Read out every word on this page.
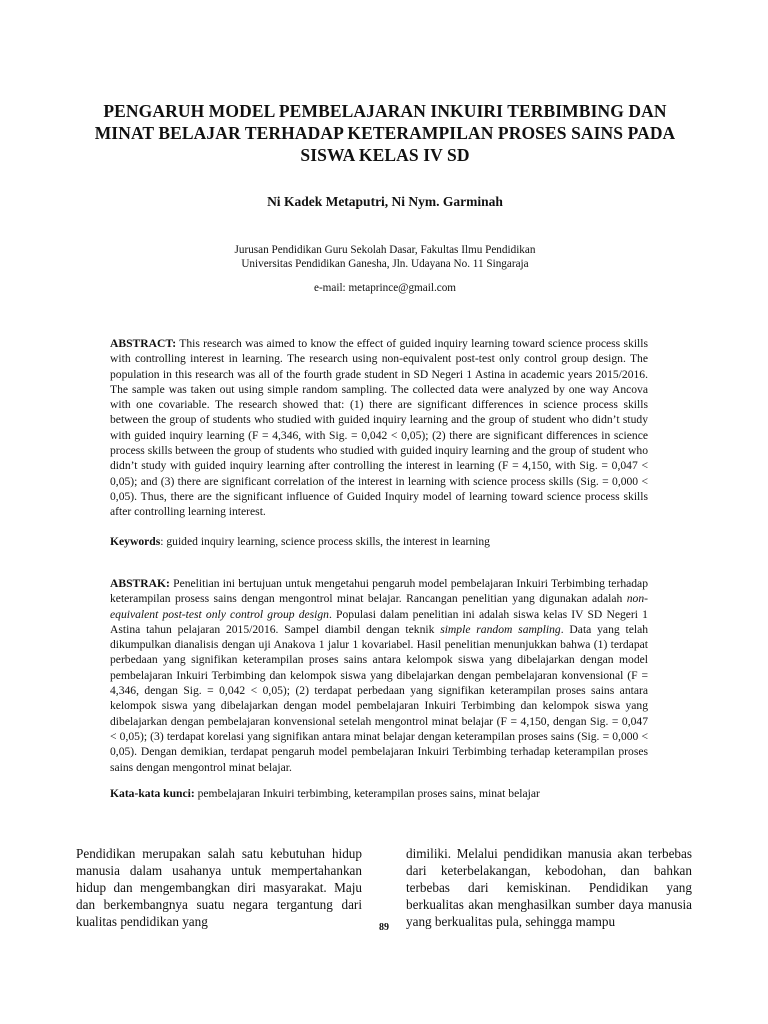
PENGARUH MODEL PEMBELAJARAN INKUIRI TERBIMBING DAN
MINAT BELAJAR TERHADAP KETERAMPILAN PROSES SAINS PADA
SISWA KELAS IV SD
Ni Kadek Metaputri, Ni Nym. Garminah
Jurusan Pendidikan Guru Sekolah Dasar, Fakultas Ilmu Pendidikan
Universitas Pendidikan Ganesha, Jln. Udayana No. 11 Singaraja
e-mail: metaprince@gmail.com
ABSTRACT: This research was aimed to know the effect of guided inquiry learning toward science process skills with controlling interest in learning. The research using non-equivalent post-test only control group design. The population in this research was all of the fourth grade student in SD Negeri 1 Astina in academic years 2015/2016. The sample was taken out using simple random sampling. The collected data were analyzed by one way Ancova with one covariable. The research showed that: (1) there are significant differences in science process skills between the group of students who studied with guided inquiry learning and the group of student who didn’t study with guided inquiry learning (F = 4,346, with Sig. = 0,042 < 0,05); (2) there are significant differences in science process skills between the group of students who studied with guided inquiry learning and the group of student who didn’t study with guided inquiry learning after controlling the interest in learning (F = 4,150, with Sig. = 0,047 < 0,05); and (3) there are significant correlation of the interest in learning with science process skills (Sig. = 0,000 < 0,05). Thus, there are the significant influence of Guided Inquiry model of learning toward science process skills after controlling learning interest.
Keywords: guided inquiry learning, science process skills, the interest in learning
ABSTRAK: Penelitian ini bertujuan untuk mengetahui pengaruh model pembelajaran Inkuiri Terbimbing terhadap keterampilan prosess sains dengan mengontrol minat belajar. Rancangan penelitian yang digunakan adalah non-equivalent post-test only control group design. Populasi dalam penelitian ini adalah siswa kelas IV SD Negeri 1 Astina tahun pelajaran 2015/2016. Sampel diambil dengan teknik simple random sampling. Data yang telah dikumpulkan dianalisis dengan uji Anakova 1 jalur 1 kovariabel. Hasil penelitian menunjukkan bahwa (1) terdapat perbedaan yang signifikan keterampilan proses sains antara kelompok siswa yang dibelajarkan dengan model pembelajaran Inkuiri Terbimbing dan kelompok siswa yang dibelajarkan dengan pembelajaran konvensional (F = 4,346, dengan Sig. = 0,042 < 0,05); (2) terdapat perbedaan yang signifikan keterampilan proses sains antara kelompok siswa yang dibelajarkan dengan model pembelajaran Inkuiri Terbimbing dan kelompok siswa yang dibelajarkan dengan pembelajaran konvensional setelah mengontrol minat belajar (F = 4,150, dengan Sig. = 0,047 < 0,05); (3) terdapat korelasi yang signifikan antara minat belajar dengan keterampilan proses sains (Sig. = 0,000 < 0,05). Dengan demikian, terdapat pengaruh model pembelajaran Inkuiri Terbimbing terhadap keterampilan proses sains dengan mengontrol minat belajar.
Kata-kata kunci: pembelajaran Inkuiri terbimbing, keterampilan proses sains, minat belajar
Pendidikan merupakan salah satu kebutuhan hidup manusia dalam usahanya untuk mempertahankan hidup dan mengembangkan diri masyarakat. Maju dan berkembangnya suatu negara tergantung dari kualitas pendidikan yang
dimiliki. Melalui pendidikan manusia akan terbebas dari keterbelakangan, kebodohan, dan bahkan terbebas dari kemiskinan. Pendidikan yang berkualitas akan menghasilkan sumber daya manusia yang berkualitas pula, sehingga mampu
89
